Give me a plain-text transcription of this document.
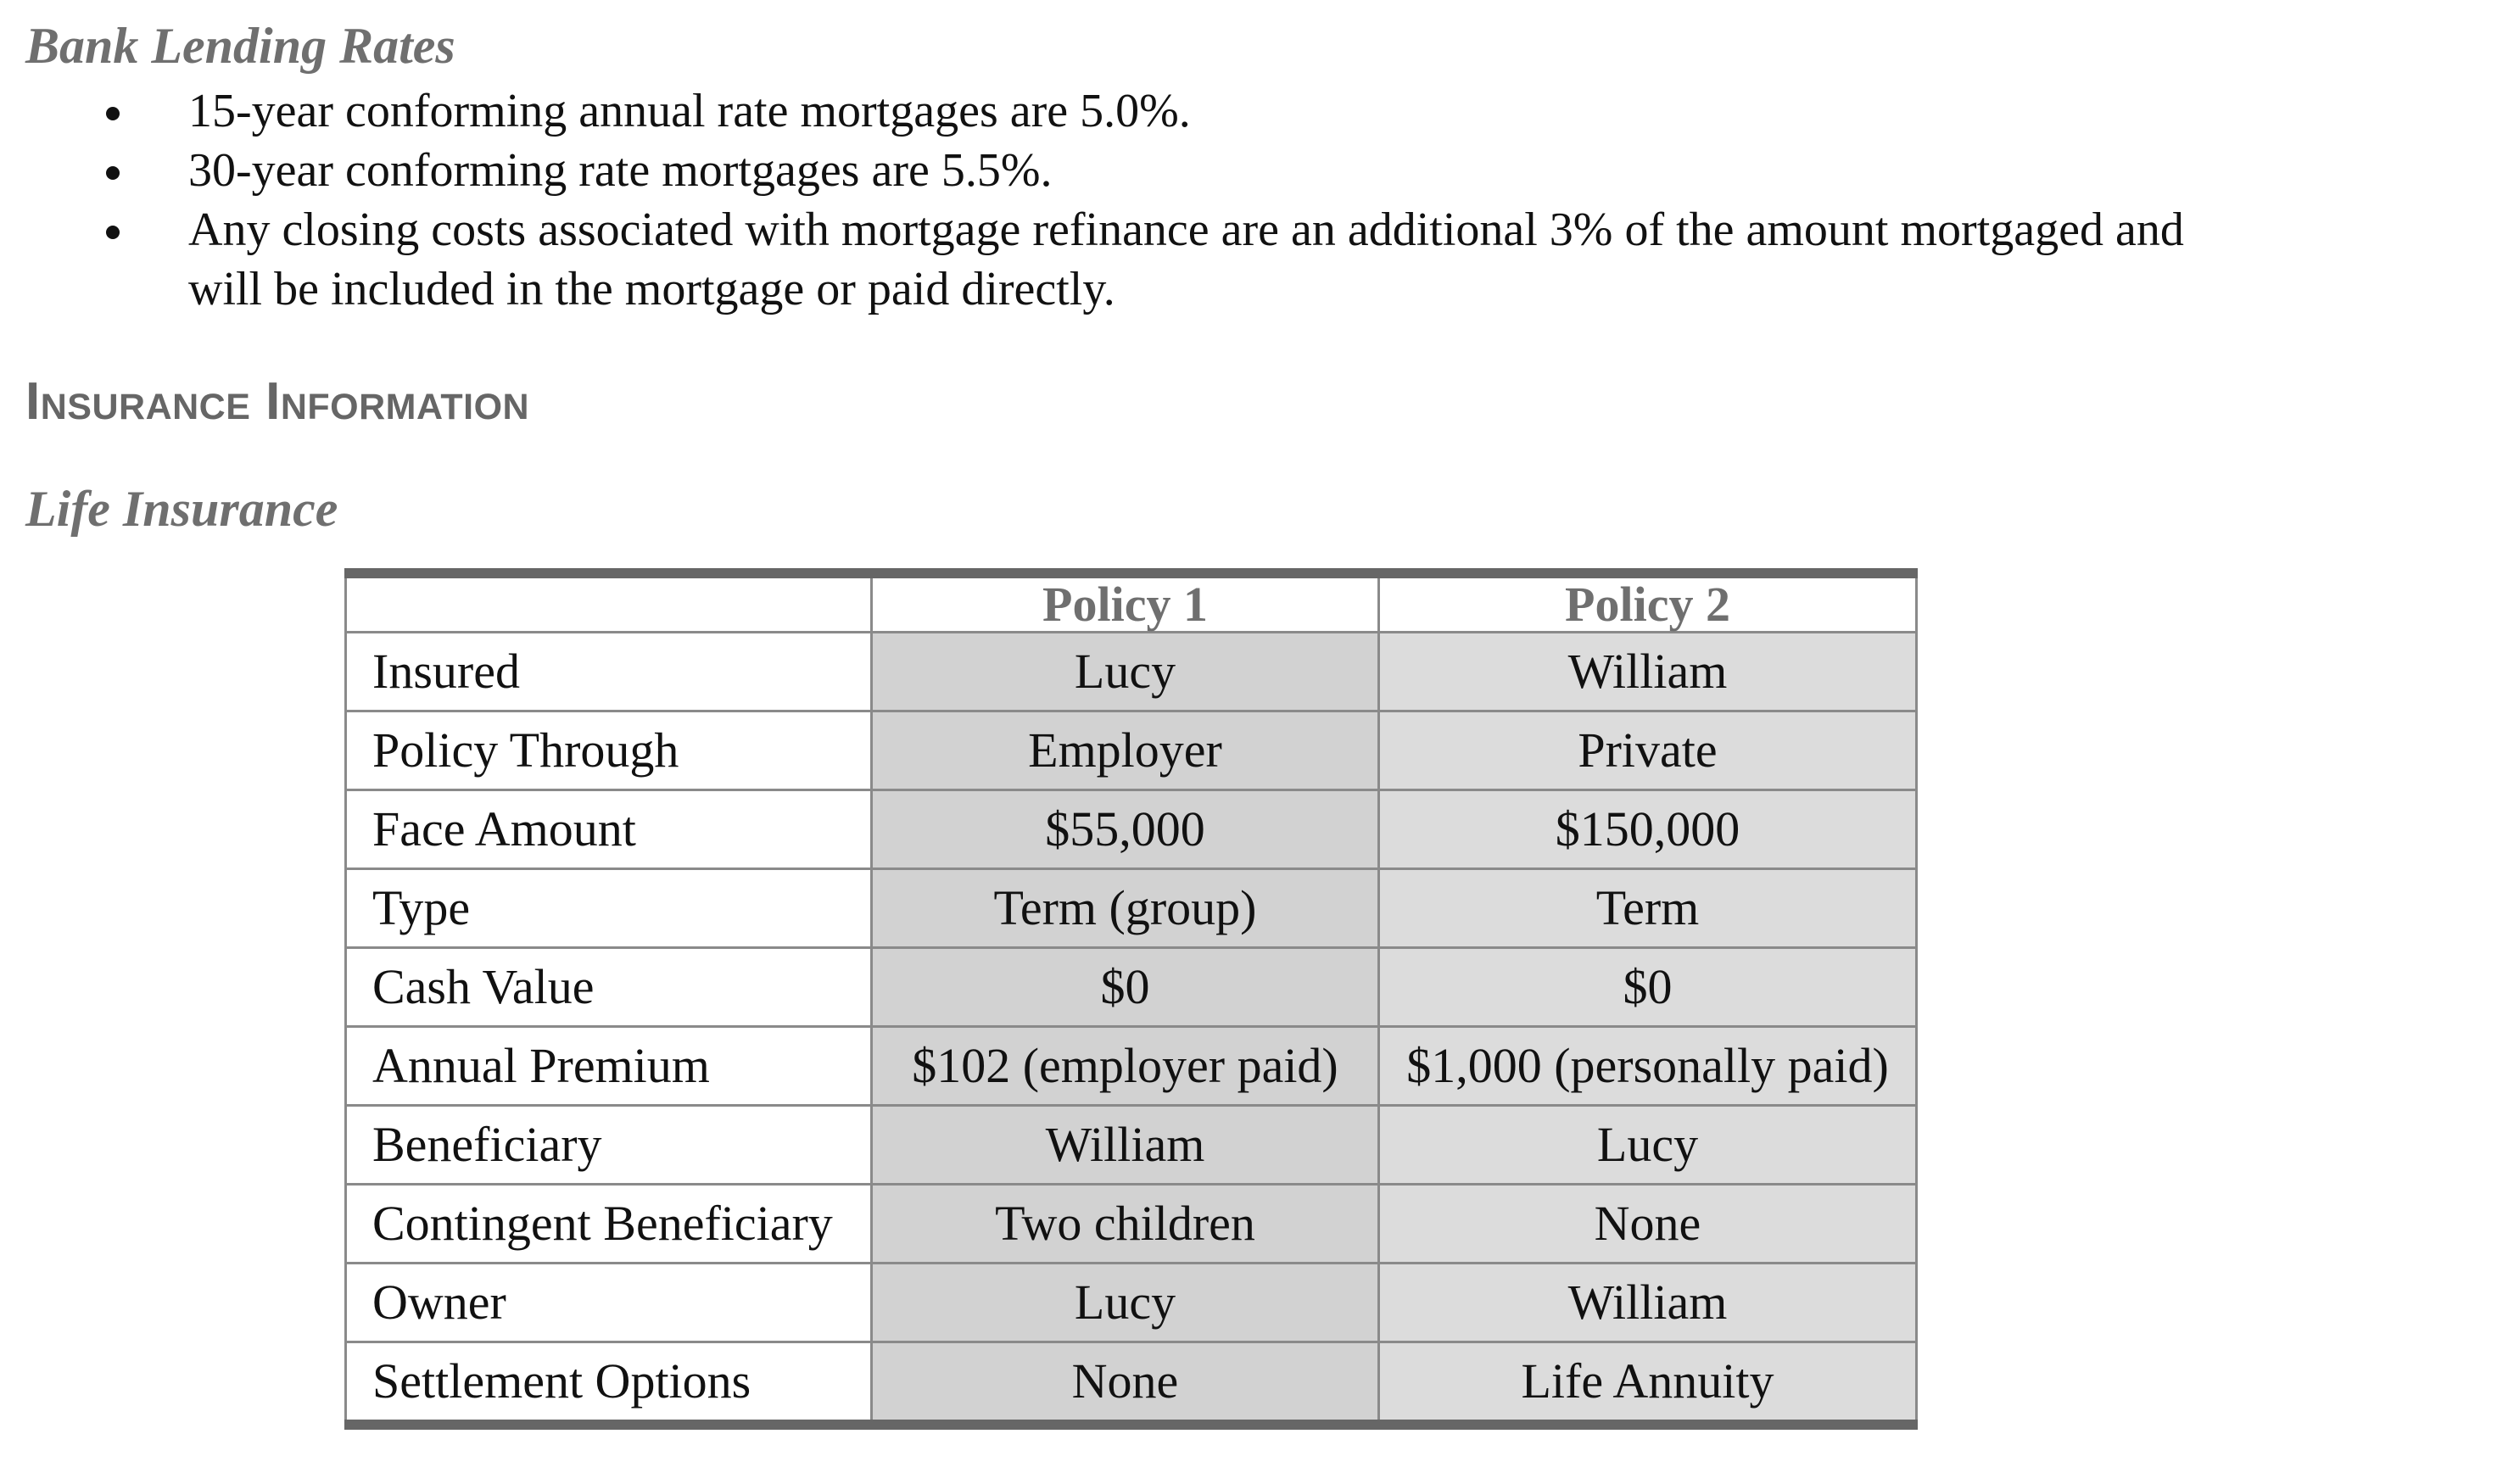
Bank Lending Rates
15-year conforming annual rate mortgages are 5.0%.
30-year conforming rate mortgages are 5.5%.
Any closing costs associated with mortgage refinance are an additional 3% of the amount mortgaged and will be included in the mortgage or paid directly.
Insurance Information
Life Insurance
	Policy 1	Policy 2
Insured	Lucy	William
Policy Through	Employer	Private
Face Amount	$55,000	$150,000
Type	Term (group)	Term
Cash Value	$0	$0
Annual Premium	$102 (employer paid)	$1,000 (personally paid)
Beneficiary	William	Lucy
Contingent Beneficiary	Two children	None
Owner	Lucy	William
Settlement Options	None	Life Annuity
